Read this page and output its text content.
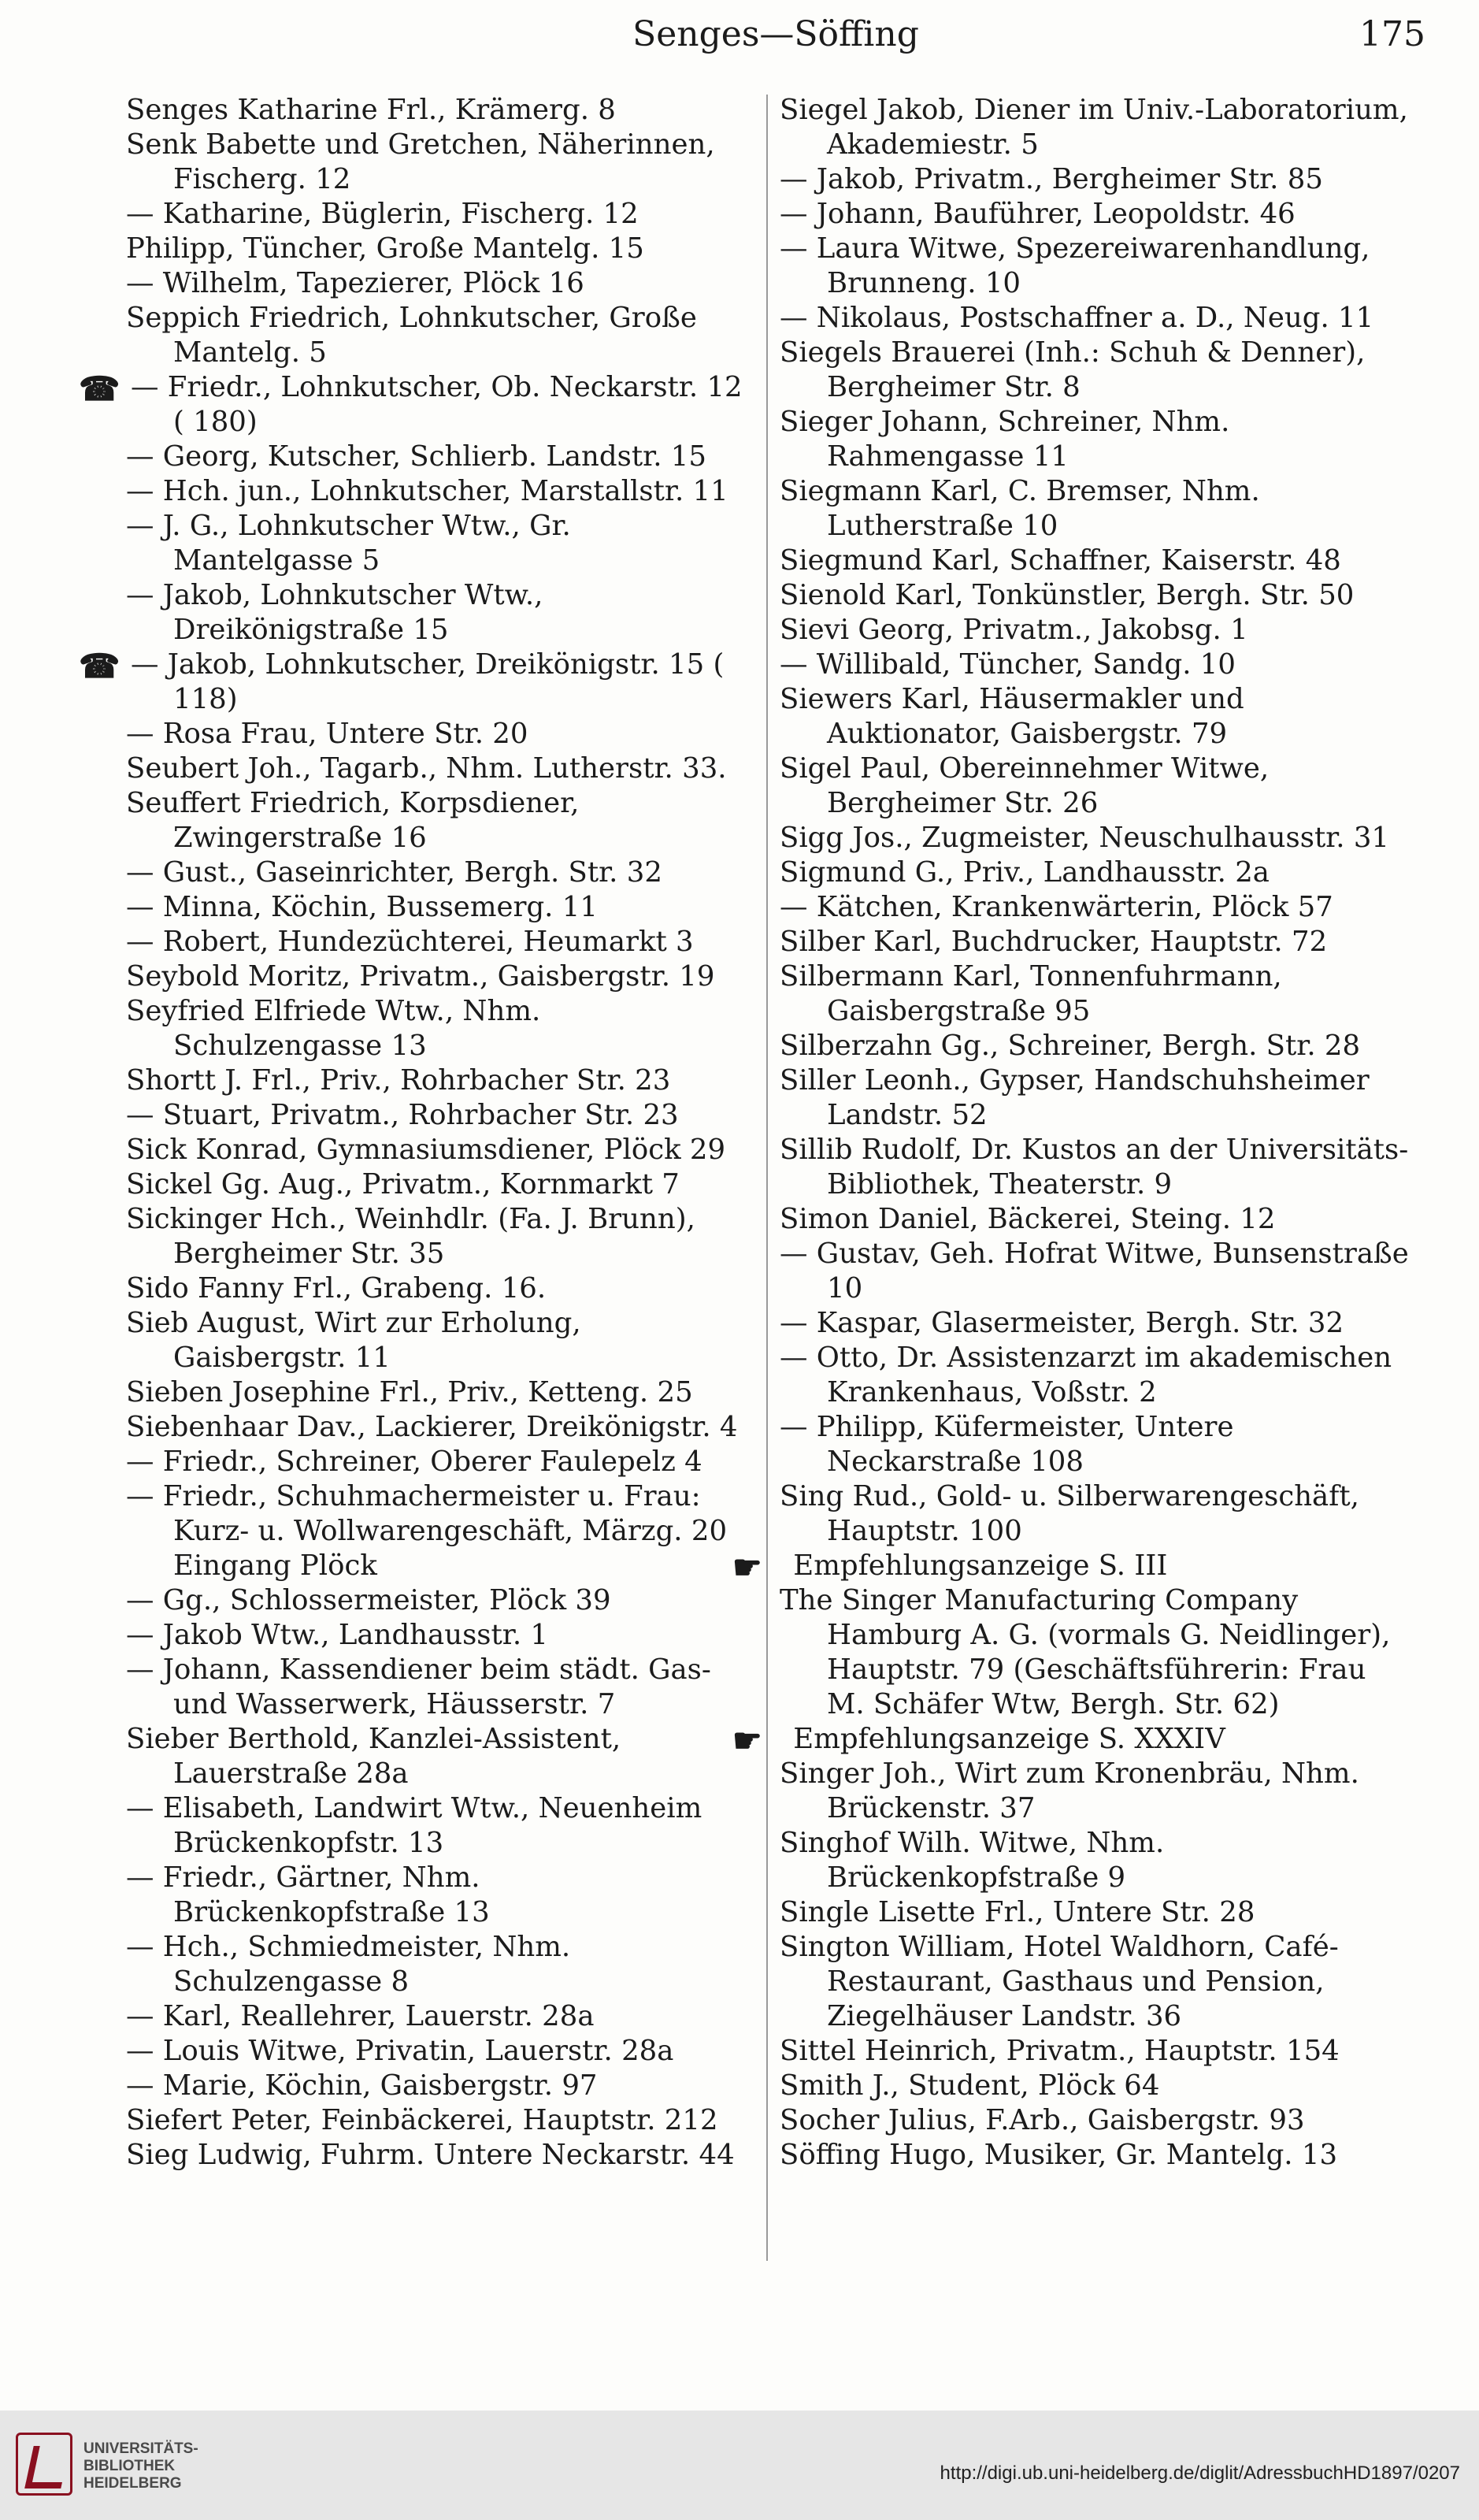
Senges—Söffing	175
Senges Katharine Frl., Krämerg. 8
Senk Babette und Gretchen, Näherinnen, Fischerg. 12
— Katharine, Büglerin, Fischerg. 12
Philipp, Tüncher, Große Mantelg. 15
— Wilhelm, Tapezierer, Plöck 16
Seppich Friedrich, Lohnkutscher, Große Mantelg. 5
☎ — Friedr., Lohnkutscher, Ob. Neckarstr. 12 ( 180)
— Georg, Kutscher, Schlierb. Landstr. 15
— Hch. jun., Lohnkutscher, Marstallstr. 11
— J. G., Lohnkutscher Wtw., Gr. Mantelgasse 5
— Jakob, Lohnkutscher Wtw., Dreikönigstraße 15
☎ — Jakob, Lohnkutscher, Dreikönigstr. 15 ( 118)
— Rosa Frau, Untere Str. 20
Seubert Joh., Tagarb., Nhm. Lutherstr. 33.
Seuffert Friedrich, Korpsdiener, Zwingerstraße 16
— Gust., Gaseinrichter, Bergh. Str. 32
— Minna, Köchin, Bussemerg. 11
— Robert, Hundezüchterei, Heumarkt 3
Seybold Moritz, Privatm., Gaisbergstr. 19
Seyfried Elfriede Wtw., Nhm. Schulzengasse 13
Shortt J. Frl., Priv., Rohrbacher Str. 23
— Stuart, Privatm., Rohrbacher Str. 23
Sick Konrad, Gymnasiumsdiener, Plöck 29
Sickel Gg. Aug., Privatm., Kornmarkt 7
Sickinger Hch., Weinhdlr. (Fa. J. Brunn), Bergheimer Str. 35
Sido Fanny Frl., Grabeng. 16.
Sieb August, Wirt zur Erholung, Gaisbergstr. 11
Sieben Josephine Frl., Priv., Ketteng. 25
Siebenhaar Dav., Lackierer, Dreikönigstr. 4
— Friedr., Schreiner, Oberer Faulepelz 4
— Friedr., Schuhmachermeister u. Frau: Kurz- u. Wollwarengeschäft, Märzg. 20 Eingang Plöck
— Gg., Schlossermeister, Plöck 39
— Jakob Wtw., Landhausstr. 1
— Johann, Kassendiener beim städt. Gas- und Wasserwerk, Häusserstr. 7
Sieber Berthold, Kanzlei-Assistent, Lauerstraße 28a
— Elisabeth, Landwirt Wtw., Neuenheim Brückenkopfstr. 13
— Friedr., Gärtner, Nhm. Brückenkopfstraße 13
— Hch., Schmiedmeister, Nhm. Schulzengasse 8
— Karl, Reallehrer, Lauerstr. 28a
— Louis Witwe, Privatin, Lauerstr. 28a
— Marie, Köchin, Gaisbergstr. 97
Siefert Peter, Feinbäckerei, Hauptstr. 212
Sieg Ludwig, Fuhrm. Untere Neckarstr. 44
Siegel Jakob, Diener im Univ.-Laboratorium, Akademiestr. 5
— Jakob, Privatm., Bergheimer Str. 85
— Johann, Bauführer, Leopoldstr. 46
— Laura Witwe, Spezereiwarenhandlung, Brunneng. 10
— Nikolaus, Postschaffner a. D., Neug. 11
Siegels Brauerei (Inh.: Schuh & Denner), Bergheimer Str. 8
Sieger Johann, Schreiner, Nhm. Rahmengasse 11
Siegmann Karl, C. Bremser, Nhm. Lutherstraße 10
Siegmund Karl, Schaffner, Kaiserstr. 48
Sienold Karl, Tonkünstler, Bergh. Str. 50
Sievi Georg, Privatm., Jakobsg. 1
— Willibald, Tüncher, Sandg. 10
Siewers Karl, Häusermakler und Auktionator, Gaisbergstr. 79
Sigel Paul, Obereinnehmer Witwe, Bergheimer Str. 26
Sigg Jos., Zugmeister, Neuschulhausstr. 31
Sigmund G., Priv., Landhausstr. 2a
— Kätchen, Krankenwärterin, Plöck 57
Silber Karl, Buchdrucker, Hauptstr. 72
Silbermann Karl, Tonnenfuhrmann, Gaisbergstraße 95
Silberzahn Gg., Schreiner, Bergh. Str. 28
Siller Leonh., Gypser, Handschuhsheimer Landstr. 52
Sillib Rudolf, Dr. Kustos an der Universitäts-Bibliothek, Theaterstr. 9
Simon Daniel, Bäckerei, Steing. 12
— Gustav, Geh. Hofrat Witwe, Bunsenstraße 10
— Kaspar, Glasermeister, Bergh. Str. 32
— Otto, Dr. Assistenzarzt im akademischen Krankenhaus, Voßstr. 2
— Philipp, Küfermeister, Untere Neckarstraße 108
Sing Rud., Gold- u. Silberwarengeschäft, Hauptstr. 100
☛ Empfehlungsanzeige S. III
The Singer Manufacturing Company Hamburg A. G. (vormals G. Neidlinger), Hauptstr. 79 (Geschäftsführerin: Frau M. Schäfer Wtw, Bergh. Str. 62)
☛ Empfehlungsanzeige S. XXXIV
Singer Joh., Wirt zum Kronenbräu, Nhm. Brückenstr. 37
Singhof Wilh. Witwe, Nhm. Brückenkopfstraße 9
Single Lisette Frl., Untere Str. 28
Sington William, Hotel Waldhorn, Café-Restaurant, Gasthaus und Pension, Ziegelhäuser Landstr. 36
Sittel Heinrich, Privatm., Hauptstr. 154
Smith J., Student, Plöck 64
Socher Julius, F.Arb., Gaisbergstr. 93
Söffing Hugo, Musiker, Gr. Mantelg. 13
UNIVERSITÄTS-
BIBLIOTHEK
HEIDELBERG	http://digi.ub.uni-heidelberg.de/diglit/AdressbuchHD1897/0207
